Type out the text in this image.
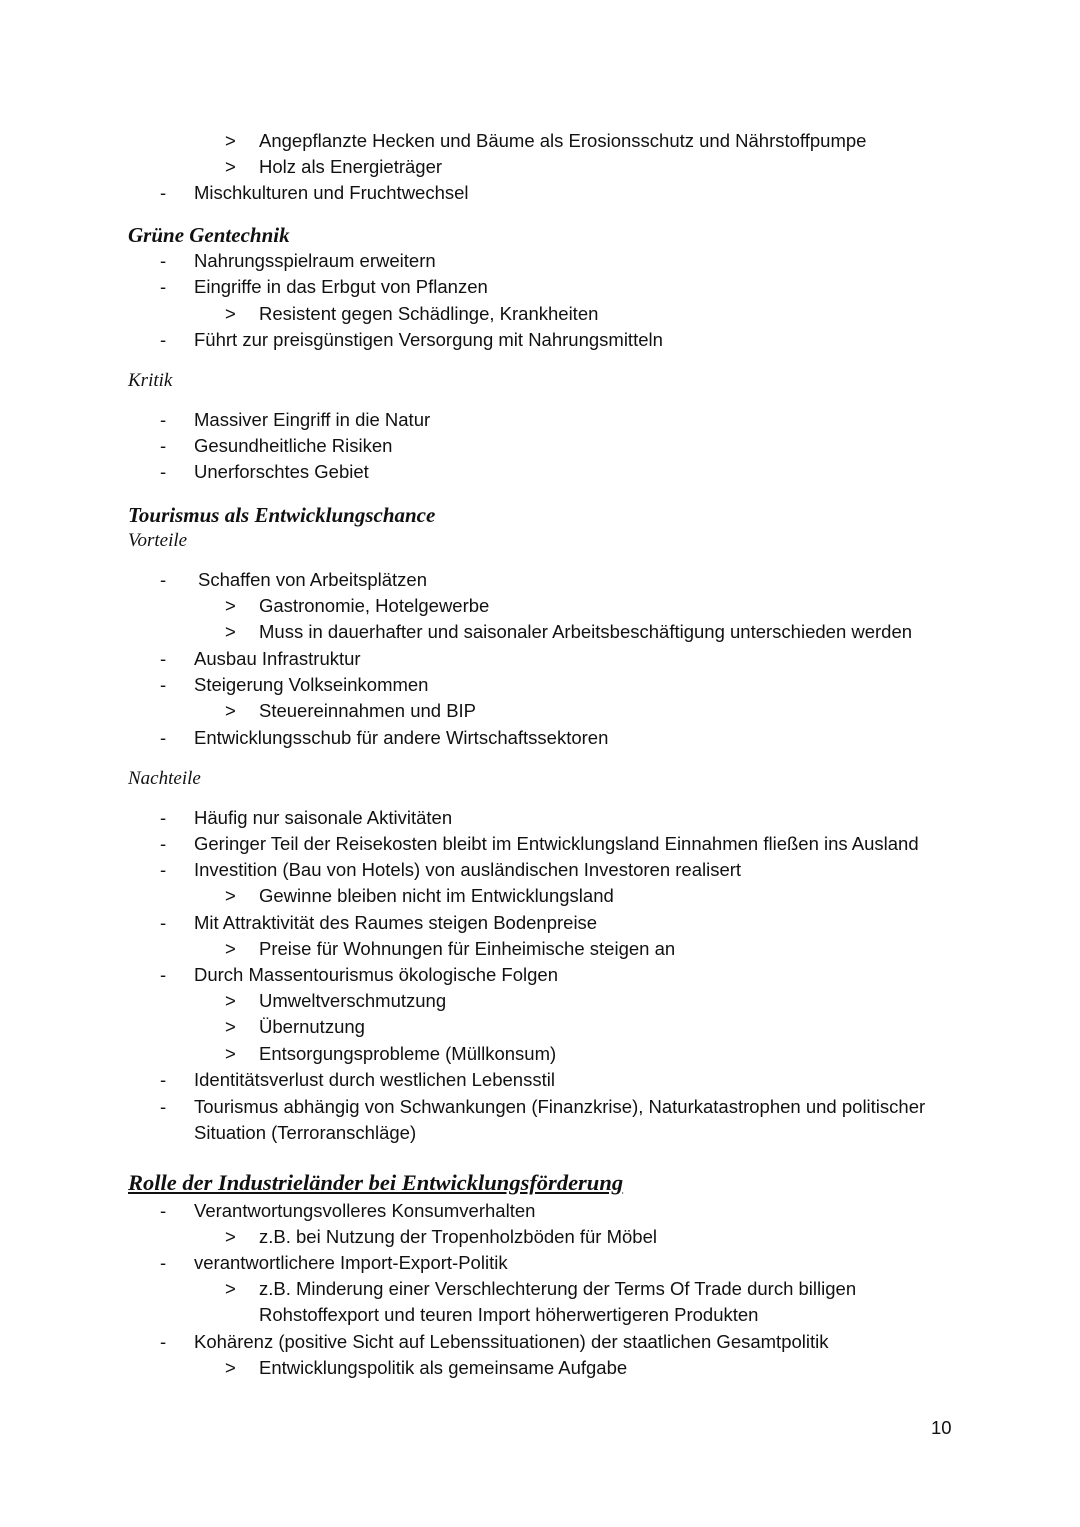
> Angepflanzte Hecken und Bäume als Erosionsschutz und Nährstoffpumpe
> Holz als Energieträger
- Mischkulturen und Fruchtwechsel
Grüne Gentechnik
- Nahrungsspielraum erweitern
- Eingriffe in das Erbgut von Pflanzen
> Resistent gegen Schädlinge, Krankheiten
- Führt zur preisgünstigen Versorgung mit Nahrungsmitteln
Kritik
- Massiver Eingriff in die Natur
- Gesundheitliche Risiken
- Unerforschtes Gebiet
Tourismus als Entwicklungschance
Vorteile
- Schaffen von Arbeitsplätzen
> Gastronomie, Hotelgewerbe
> Muss in dauerhafter und saisonaler Arbeitsbeschäftigung unterschieden werden
- Ausbau Infrastruktur
- Steigerung Volkseinkommen
> Steuereinnahmen und BIP
- Entwicklungsschub für andere Wirtschaftssektoren
Nachteile
- Häufig nur saisonale Aktivitäten
- Geringer Teil der Reisekosten bleibt im Entwicklungsland Einnahmen fließen ins Ausland
- Investition (Bau von Hotels) von ausländischen Investoren realisert
> Gewinne bleiben nicht im Entwicklungsland
- Mit Attraktivität des Raumes steigen Bodenpreise
> Preise für Wohnungen für Einheimische steigen an
- Durch Massentourismus ökologische Folgen
> Umweltverschmutzung
> Übernutzung
> Entsorgungsprobleme (Müllkonsum)
- Identitätsverlust durch westlichen Lebensstil
- Tourismus abhängig von Schwankungen (Finanzkrise), Naturkatastrophen und politischer
Situation (Terroranschläge)
Rolle der Industrieländer bei Entwicklungsförderung
- Verantwortungsvolleres Konsumverhalten
> z.B. bei Nutzung der Tropenholzböden für Möbel
- verantwortlichere Import-Export-Politik
> z.B. Minderung einer Verschlechterung der Terms Of Trade durch billigen
Rohstoffexport und teuren Import höherwertigeren Produkten
- Kohärenz (positive Sicht auf Lebenssituationen) der staatlichen Gesamtpolitik
> Entwicklungspolitik als gemeinsame Aufgabe
10
